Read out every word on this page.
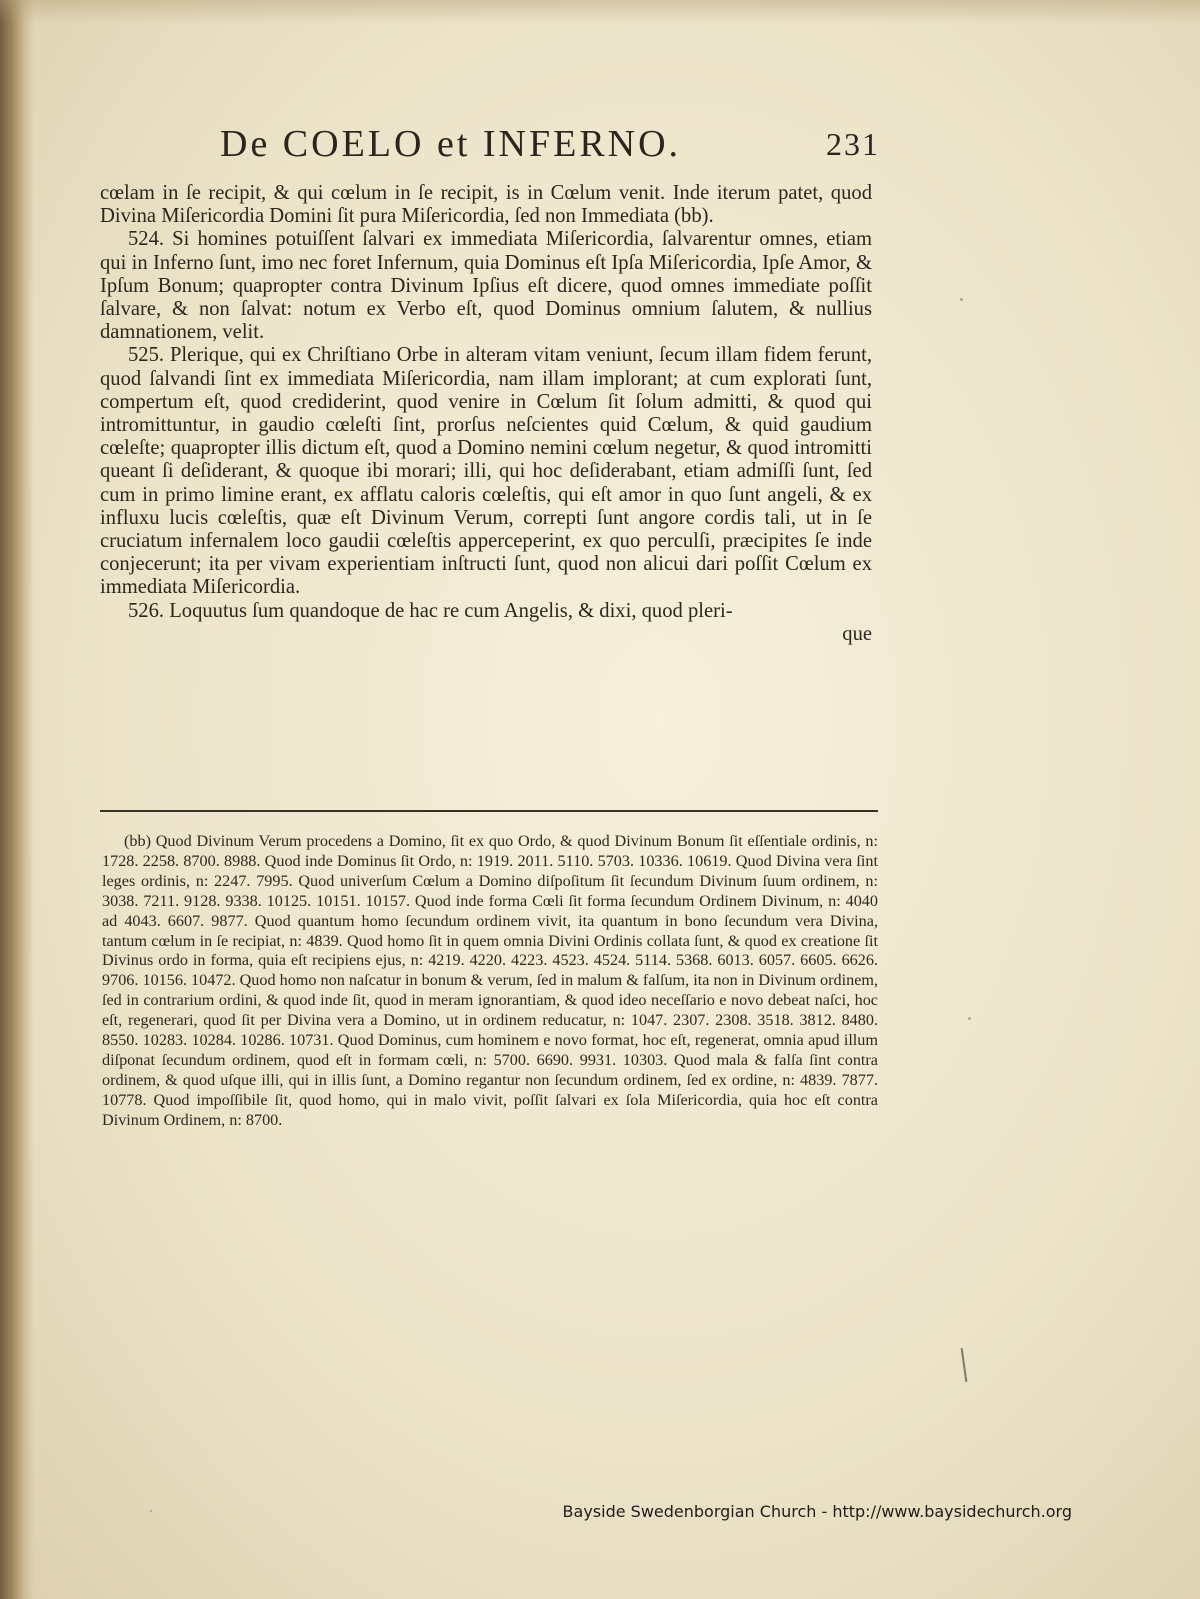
De COELO et INFERNO.	231

cœlam in ſe recipit, & qui cœlum in ſe recipit, is in Cœlum venit. Inde iterum patet, quod Divina Miſericordia Domini ſit pura Miſericordia, ſed non Immediata (bb).

524. Si homines potuiſſent ſalvari ex immediata Miſericordia, ſalvarentur omnes, etiam qui in Inferno ſunt, imo nec foret Infernum, quia Dominus eſt Ipſa Miſericordia, Ipſe Amor, & Ipſum Bonum; quapropter contra Divinum Ipſius eſt dicere, quod omnes immediate poſſit ſalvare, & non ſalvat: notum ex Verbo eſt, quod Dominus omnium ſalutem, & nullius damnationem, velit.

525. Plerique, qui ex Chriſtiano Orbe in alteram vitam veniunt, ſecum illam fidem ferunt, quod ſalvandi ſint ex immediata Miſericordia, nam illam implorant; at cum explorati ſunt, compertum eſt, quod crediderint, quod venire in Cœlum ſit ſolum admitti, & quod qui intromittuntur, in gaudio cœleſti ſint, prorſus neſcientes quid Cœlum, & quid gaudium cœleſte; quapropter illis dictum eſt, quod a Domino nemini cœlum negetur, & quod intromitti queant ſi deſiderant, & quoque ibi morari; illi, qui hoc deſiderabant, etiam admiſſi ſunt, ſed cum in primo limine erant, ex afflatu caloris cœleſtis, qui eſt amor in quo ſunt angeli, & ex influxu lucis cœleſtis, quæ eſt Divinum Verum, correpti ſunt angore cordis tali, ut in ſe cruciatum infernalem loco gaudii cœleſtis apperceperint, ex quo perculſi, præcipites ſe inde conjecerunt; ita per vivam experientiam inſtructi ſunt, quod non alicui dari poſſit Cœlum ex immediata Miſericordia.

526. Loquutus ſum quandoque de hac re cum Angelis, & dixi, quod pleri-

que

(bb) Quod Divinum Verum procedens a Domino, ſit ex quo Ordo, & quod Divinum Bonum ſit eſſentiale ordinis, n: 1728. 2258. 8700. 8988. Quod inde Dominus ſit Ordo, n: 1919. 2011. 5110. 5703. 10336. 10619. Quod Divina vera ſint leges ordinis, n: 2247. 7995. Quod univerſum Cœlum a Domino diſpoſitum ſit ſecundum Divinum ſuum ordinem, n: 3038. 7211. 9128. 9338. 10125. 10151. 10157. Quod inde forma Cœli ſit forma ſecundum Ordinem Divinum, n: 4040 ad 4043. 6607. 9877. Quod quantum homo ſecundum ordinem vivit, ita quantum in bono ſecundum vera Divina, tantum cœlum in ſe recipiat, n: 4839. Quod homo ſit in quem omnia Divini Ordinis collata ſunt, & quod ex creatione ſit Divinus ordo in forma, quia eſt recipiens ejus, n: 4219. 4220. 4223. 4523. 4524. 5114. 5368. 6013. 6057. 6605. 6626. 9706. 10156. 10472. Quod homo non naſcatur in bonum & verum, ſed in malum & falſum, ita non in Divinum ordinem, ſed in contrarium ordini, & quod inde ſit, quod in meram ignorantiam, & quod ideo neceſſario e novo debeat naſci, hoc eſt, regenerari, quod ſit per Divina vera a Domino, ut in ordinem reducatur, n: 1047. 2307. 2308. 3518. 3812. 8480. 8550. 10283. 10284. 10286. 10731. Quod Dominus, cum hominem e novo format, hoc eſt, regenerat, omnia apud illum diſponat ſecundum ordinem, quod eſt in formam cœli, n: 5700. 6690. 9931. 10303. Quod mala & falſa ſint contra ordinem, & quod uſque illi, qui in illis ſunt, a Domino regantur non ſecundum ordinem, ſed ex ordine, n: 4839. 7877. 10778. Quod impoſſibile ſit, quod homo, qui in malo vivit, poſſit ſalvari ex ſola Miſericordia, quia hoc eſt contra Divinum Ordinem, n: 8700.

Bayside Swedenborgian Church - http://www.baysidechurch.org
